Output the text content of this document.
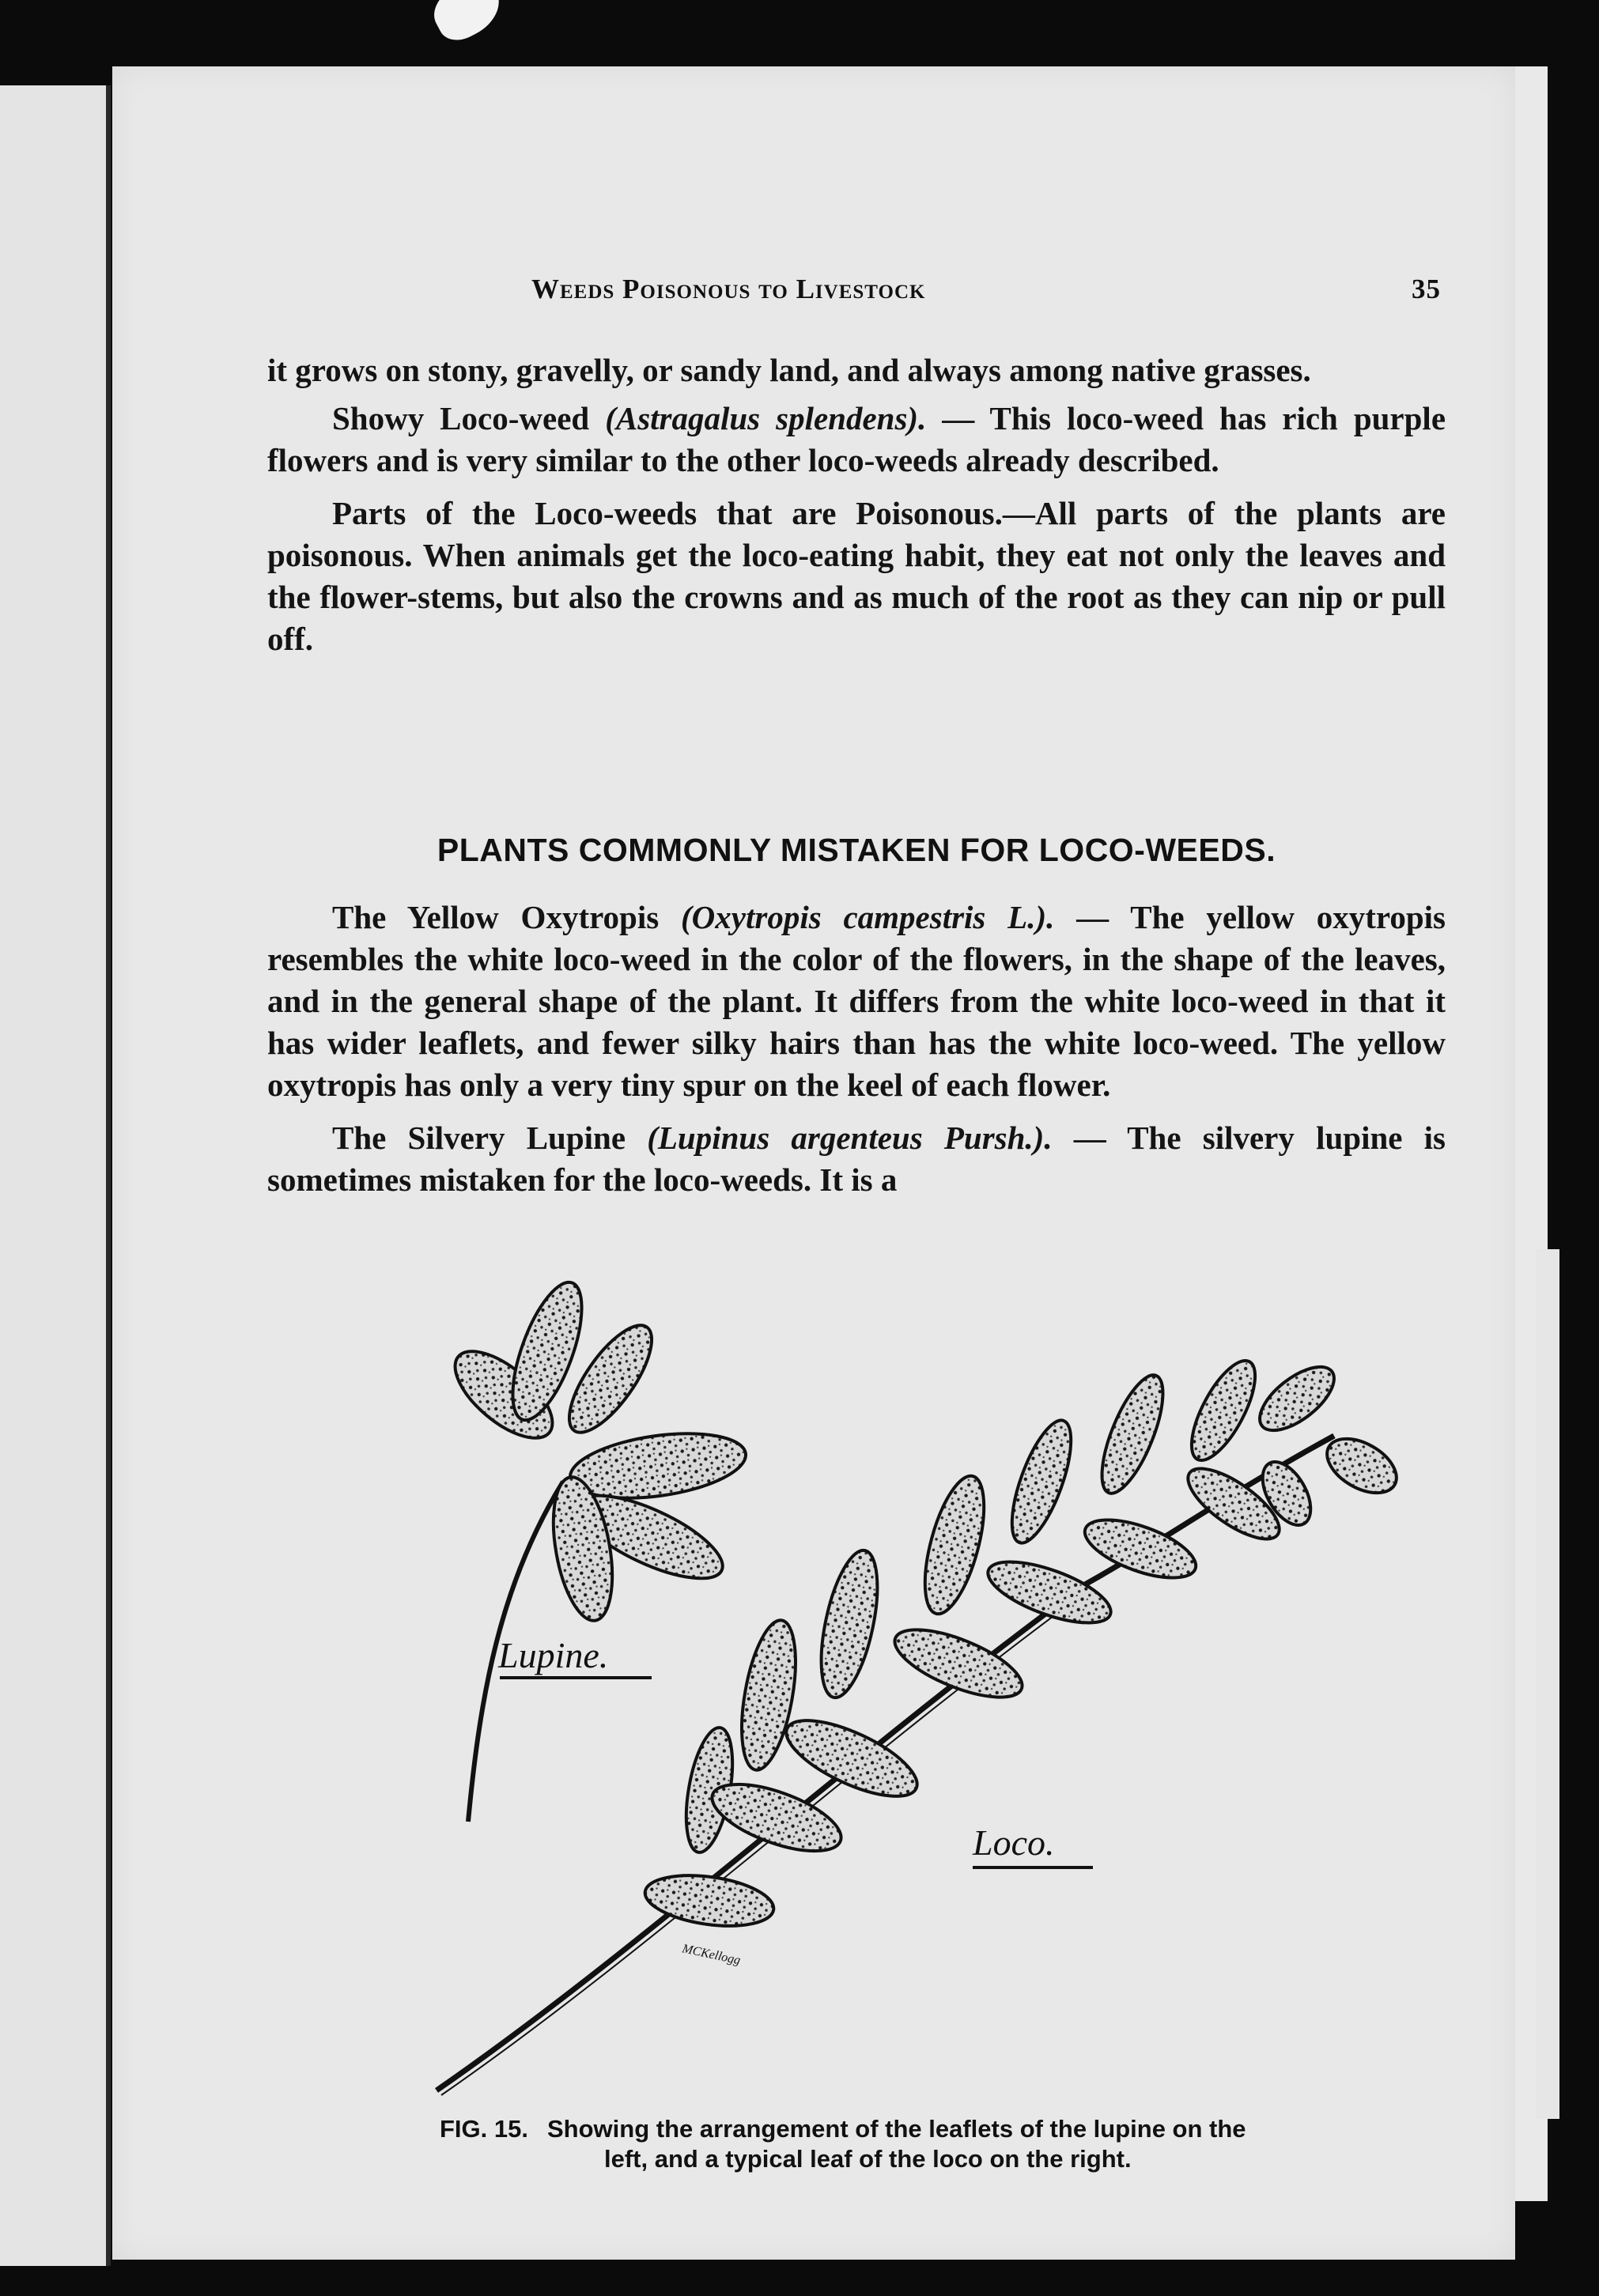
Weeds Poisonous to Livestock	35

it grows on stony, gravelly, or sandy land, and always among native grasses.

Showy Loco-weed (Astragalus splendens). — This loco-weed has rich purple flowers and is very similar to the other loco-weeds already described.

Parts of the Loco-weeds that are Poisonous.—All parts of the plants are poisonous. When animals get the loco-eating habit, they eat not only the leaves and the flower-stems, but also the crowns and as much of the root as they can nip or pull off.

PLANTS COMMONLY MISTAKEN FOR LOCO-WEEDS.

The Yellow Oxytropis (Oxytropis campestris L.). — The yellow oxytropis resembles the white loco-weed in the color of the flowers, in the shape of the leaves, and in the general shape of the plant. It differs from the white loco-weed in that it has wider leaflets, and fewer silky hairs than has the white loco-weed. The yellow oxytropis has only a very tiny spur on the keel of each flower.

The Silvery Lupine (Lupinus argenteus Pursh.). — The silvery lupine is sometimes mistaken for the loco-weeds. It is a

Lupine.
Loco.
MCKellogg
FIG. 15. Showing the arrangement of the leaflets of the lupine on the
left, and a typical leaf of the loco on the right.
